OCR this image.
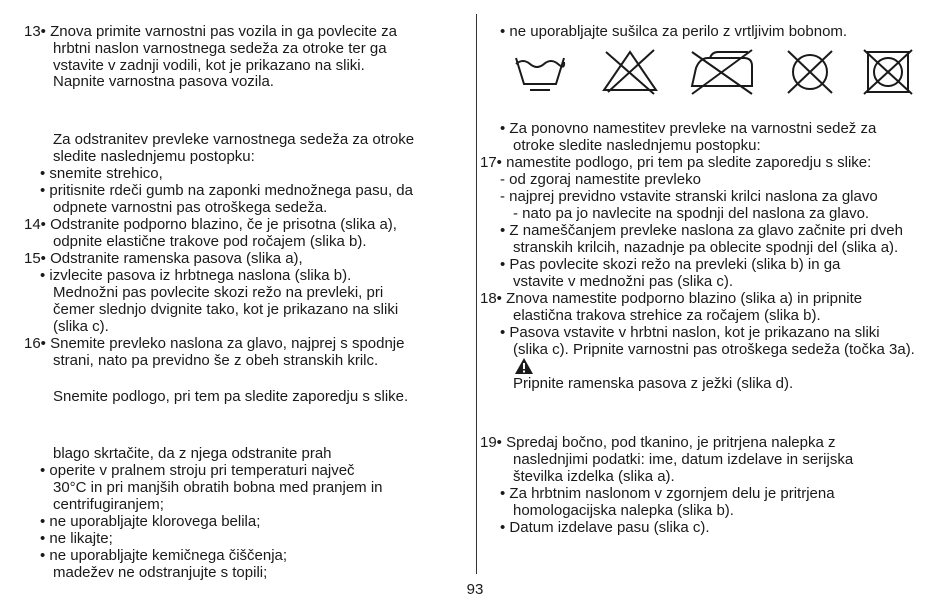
13• Znova primite varnostni pas vozila in ga povlecite za
hrbtni naslon varnostnega sedeža za otroke ter ga
vstavite v zadnji vodili, kot je prikazano na sliki.
Napnite varnostna pasova vozila.
Za odstranitev prevleke varnostnega sedeža za otroke
sledite naslednjemu postopku:
• snemite strehico,
• pritisnite rdeči gumb na zaponki mednožnega pasu, da
odpnete varnostni pas otroškega sedeža.
14• Odstranite podporno blazino, če je prisotna (slika a),
odpnite elastične trakove pod ročajem (slika b).
15• Odstranite ramenska pasova (slika a),
• izvlecite pasova iz hrbtnega naslona (slika b).
Mednožni pas povlecite skozi režo na prevleki, pri
čemer slednjo dvignite tako, kot je prikazano na sliki
(slika c).
16• Snemite prevleko naslona za glavo, najprej s spodnje
strani, nato pa previdno še z obeh stranskih krilc.
Snemite podlogo, pri tem pa sledite zaporedju s slike.
blago skrtačite, da z njega odstranite prah
• operite v pralnem stroju pri temperaturi največ
30°C in pri manjših obratih bobna med pranjem in
centrifugiranjem;
• ne uporabljajte klorovega belila;
• ne likajte;
• ne uporabljajte kemičnega čiščenja;
madežev ne odstranjujte s topili;
• ne uporabljajte sušilca za perilo z vrtljivim bobnom.
• Za ponovno namestitev prevleke na varnostni sedež za
otroke sledite naslednjemu postopku:
17• namestite podlogo, pri tem pa sledite zaporedju s slike:
- od zgoraj namestite prevleko
- najprej previdno vstavite stranski krilci naslona za glavo
- nato pa jo navlecite na spodnji del naslona za glavo.
• Z nameščanjem prevleke naslona za glavo začnite pri dveh
stranskih krilcih, nazadnje pa oblecite spodnji del (slika a).
• Pas povlecite skozi režo na prevleki (slika b) in ga
vstavite v mednožni pas (slika c).
18• Znova namestite podporno blazino (slika a) in pripnite
elastična trakova strehice za ročajem (slika b).
• Pasova vstavite v hrbtni naslon, kot je prikazano na sliki
(slika c). Pripnite varnostni pas otroškega sedeža (točka 3a).
Pripnite ramenska pasova z ježki (slika d).
19• Spredaj bočno, pod tkanino, je pritrjena nalepka z
naslednjimi podatki: ime, datum izdelave in serijska
številka izdelka (slika a).
• Za hrbtnim naslonom v zgornjem delu je pritrjena
homologacijska nalepka (slika b).
• Datum izdelave pasu (slika c).
93
